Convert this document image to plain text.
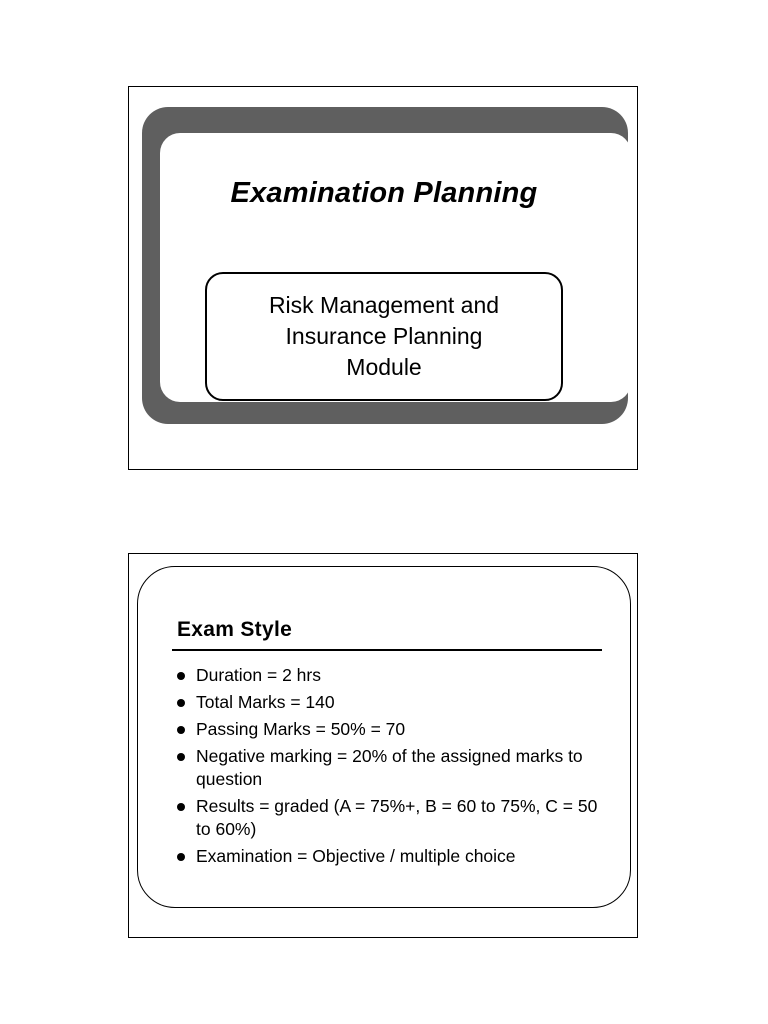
Examination Planning
Risk Management and
Insurance Planning
Module
Exam Style
Duration = 2 hrs
Total Marks = 140
Passing Marks = 50% = 70
Negative marking = 20% of the assigned marks to question
Results = graded (A = 75%+, B = 60 to 75%, C = 50 to 60%)
Examination = Objective / multiple choice
